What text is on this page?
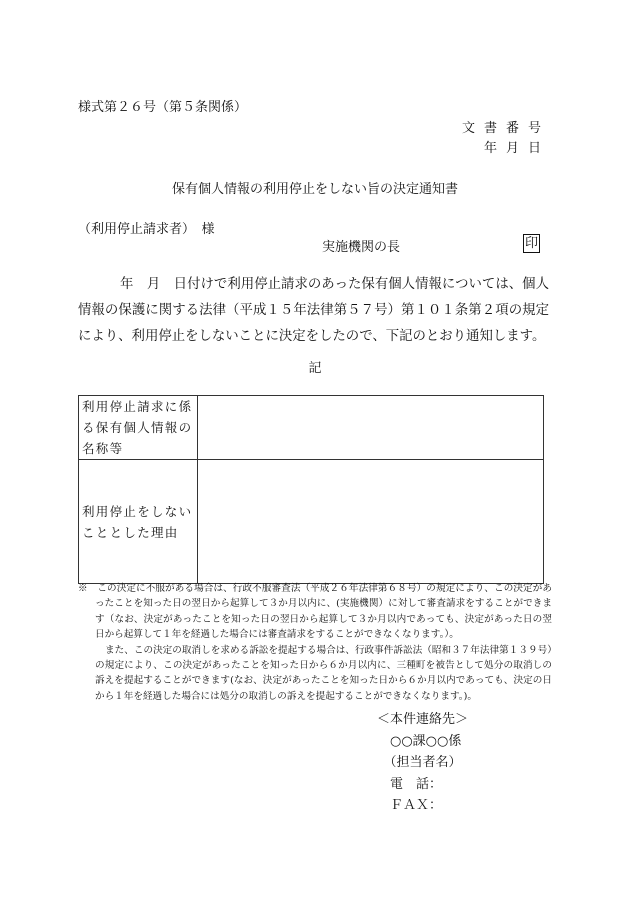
様式第２６号（第５条関係）
文書番号
年月日
保有個人情報の利用停止をしない旨の決定通知書
（利用停止請求者）　様
実施機関の長	印
年　月　日付けで利用停止請求のあった保有個人情報については、個人情報の保護に関する法律（平成１５年法律第５７号）第１０１条第２項の規定により、利用停止をしないことに決定をしたので、下記のとおり通知します。
記
利用停止請求に係る保有個人情報の名称等	
利用停止をしないこととした理由	

※　この決定に不服がある場合は、行政不服審査法（平成２６年法律第６８号）の規定により、この決定があったことを知った日の翌日から起算して３か月以内に、(実施機関）に対して審査請求をすることができます（なお、決定があったことを知った日の翌日から起算して３か月以内であっても、決定があった日の翌日から起算して１年を経過した場合には審査請求をすることができなくなります。）。

また、この決定の取消しを求める訴訟を提起する場合は、行政事件訴訟法（昭和３７年法律第１３９号）の規定により、この決定があったことを知った日から６か月以内に、三種町を被告として処分の取消しの訴えを提起することができます(なお、決定があったことを知った日から６か月以内であっても、決定の日から１年を経過した場合には処分の取消しの訴えを提起することができなくなります。)。

＜本件連絡先＞
　○○課○○係
　（担当者名）
　電　話：
　ＦＡＸ：
